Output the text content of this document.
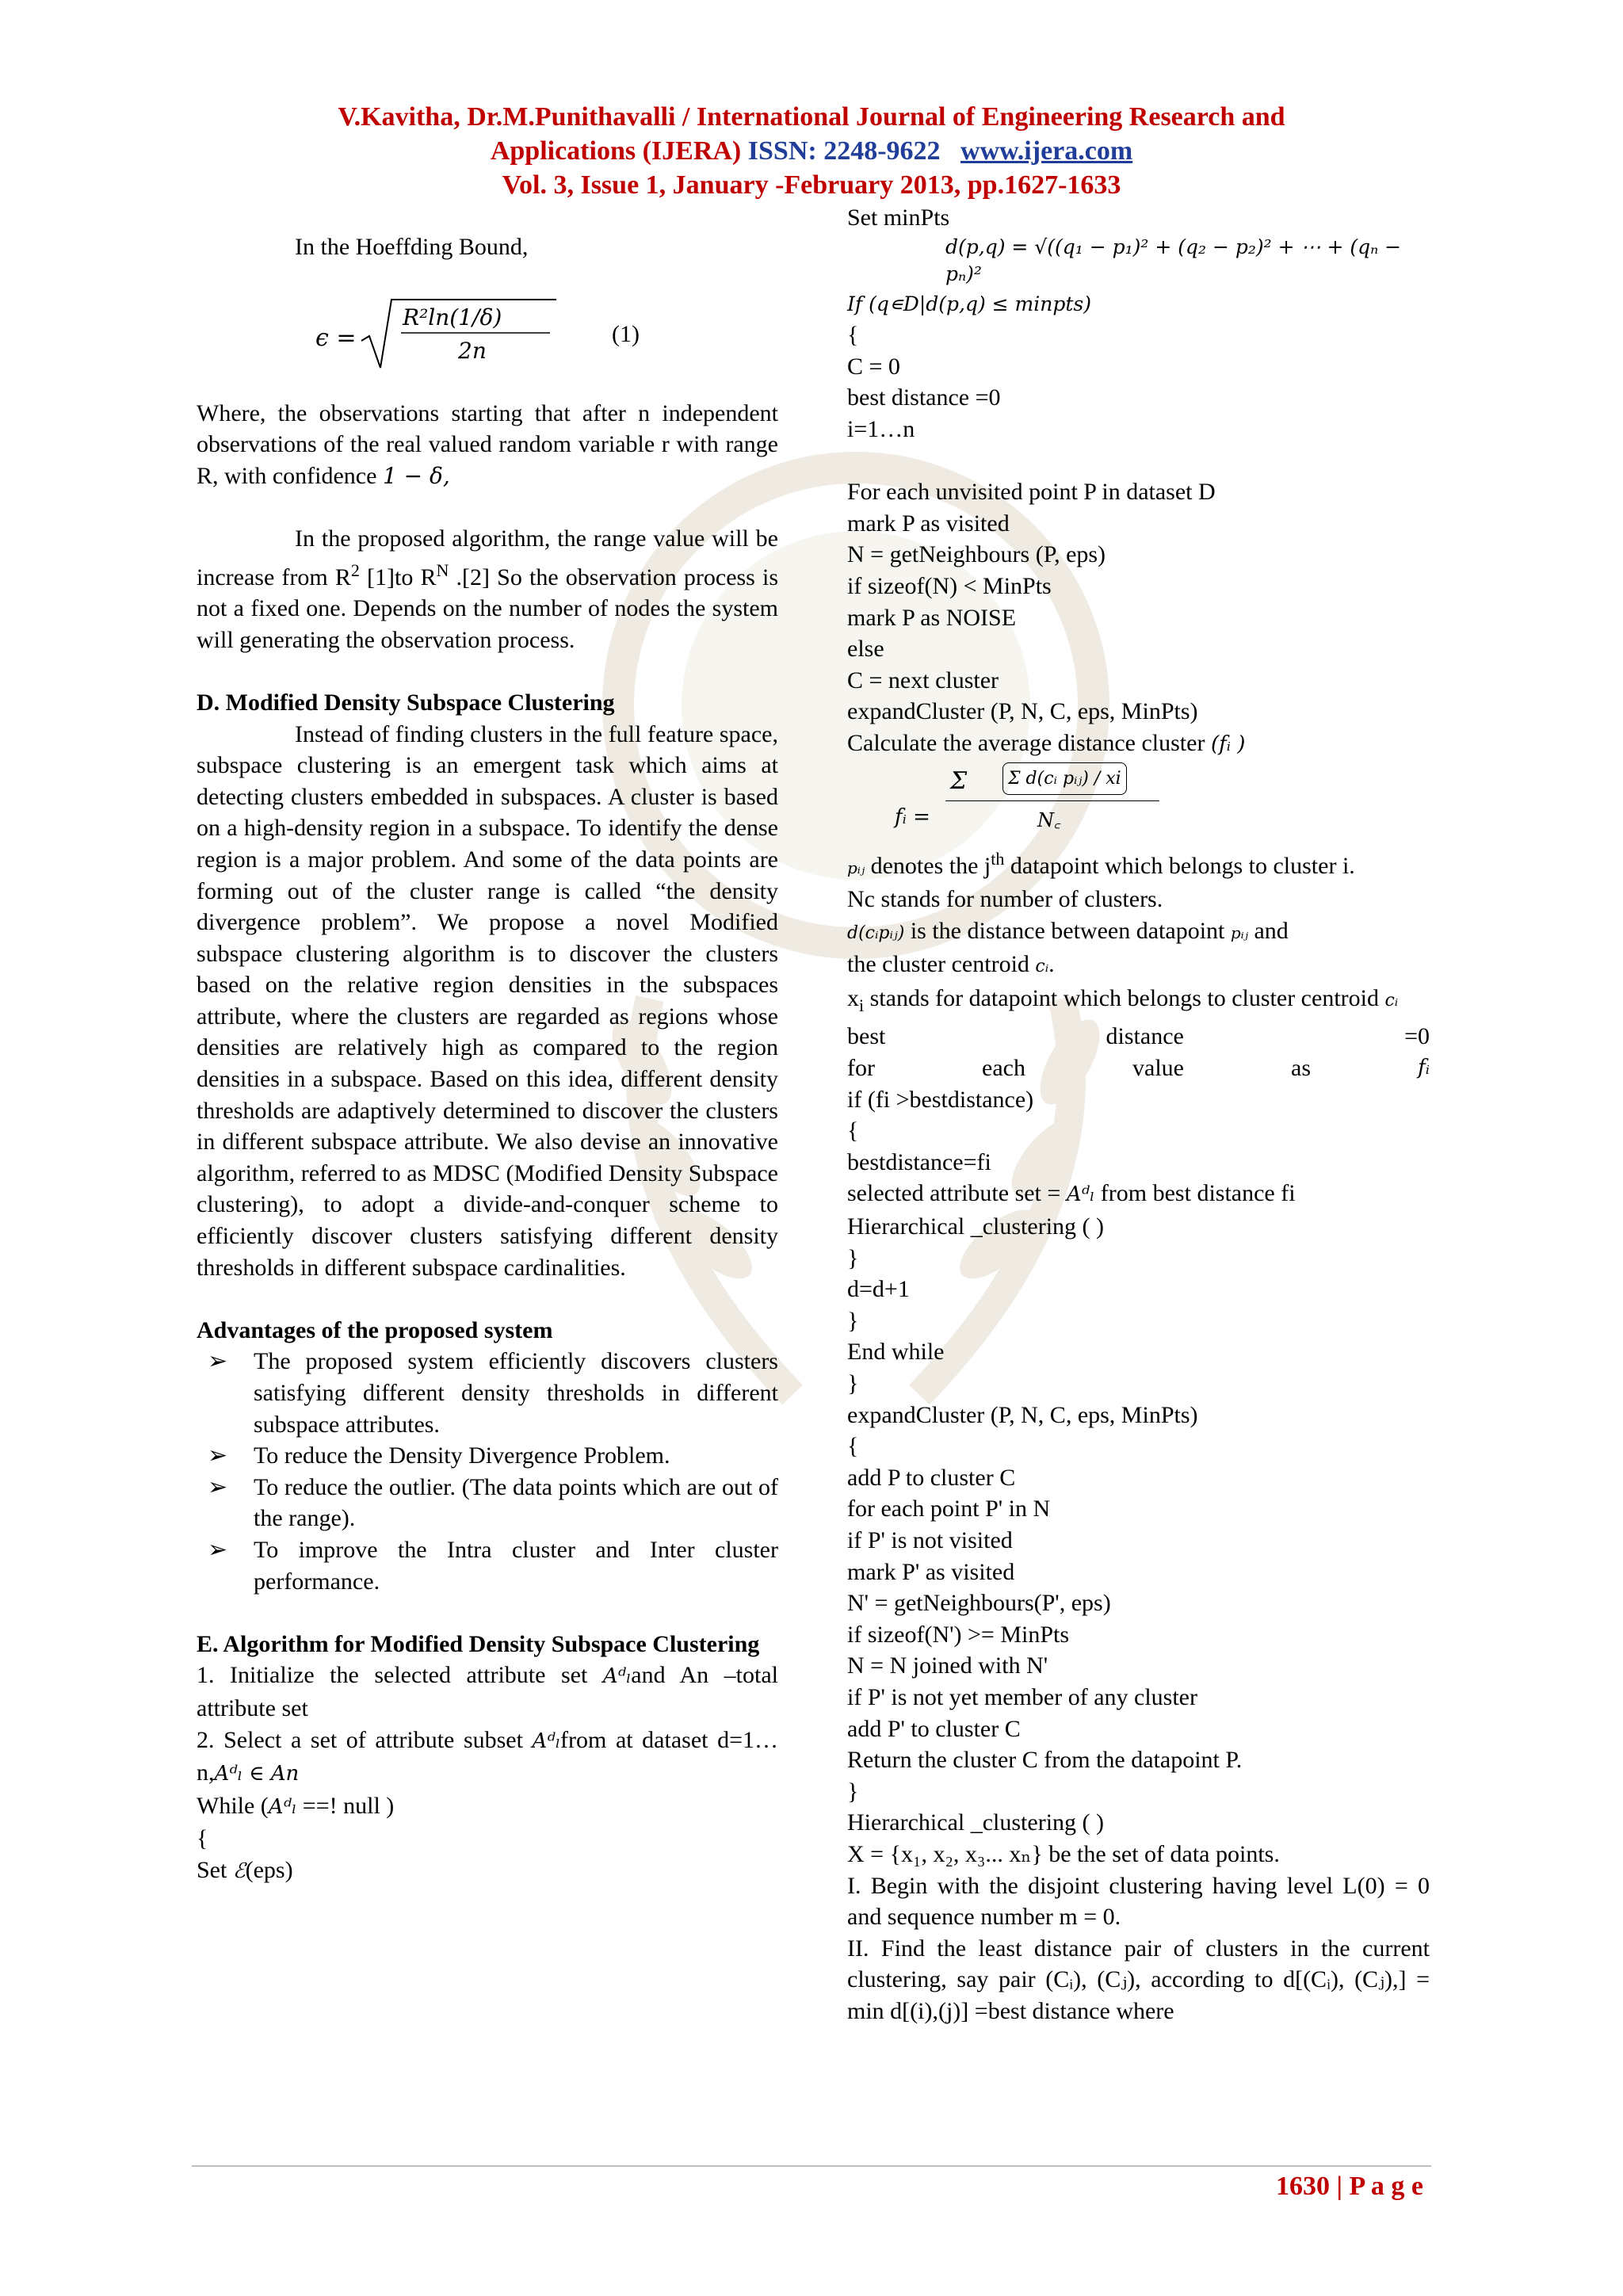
V.Kavitha, Dr.M.Punithavalli / International Journal of Engineering Research and
Applications (IJERA) ISSN: 2248-9622 www.ijera.com
Vol. 3, Issue 1, January -February 2013, pp.1627-1633

In the Hoeffding Bound,

ϵ =
R²ln(1/δ)
2n
(1)

Where, the observations starting that after n independent observations of the real valued random variable r with range R, with confidence 1 − δ,

In the proposed algorithm, the range value will be increase from $R^2$ [1]to $R^N$ .[2] So the observation process is not a fixed one. Depends on the number of nodes the system will generating the observation process.

D. Modified Density Subspace Clustering

Instead of finding clusters in the full feature space, subspace clustering is an emergent task which aims at detecting clusters embedded in subspaces. A cluster is based on a high-density region in a subspace. To identify the dense region is a major problem. And some of the data points are forming out of the cluster range is called “the density divergence problem”. We propose a novel Modified subspace clustering algorithm is to discover the clusters based on the relative region densities in the subspaces attribute, where the clusters are regarded as regions whose densities are relatively high as compared to the region densities in a subspace. Based on this idea, different density thresholds are adaptively determined to discover the clusters in different subspace attribute. We also devise an innovative algorithm, referred to as MDSC (Modified Density Subspace clustering), to adopt a divide-and-conquer scheme to efficiently discover clusters satisfying different density thresholds in different subspace cardinalities.

Advantages of the proposed system

➢	The proposed system efficiently discovers clusters satisfying different density thresholds in different subspace attributes.
➢	To reduce the Density Divergence Problem.
➢	To reduce the outlier. (The data points which are out of the range).
➢	To improve the Intra cluster and Inter cluster performance.

E. Algorithm for Modified Density Subspace Clustering

1. Initialize the selected attribute set Aᵈₗand An –total attribute set

2. Select a set of attribute subset Aᵈₗfrom at dataset d=1…n,Aᵈₗ ∈ An

While (Aᵈₗ ==! null )

{

Set ℰ(eps)

Set minPts

d(p,q) = √((q₁ − p₁)² + (q₂ − p₂)² + ⋯ + (qₙ − pₙ)²

If (q∊D|d(p,q) ≤ minpts)

{

C = 0

best distance =0

i=1…n

For each unvisited point P in dataset D

mark P as visited

N = getNeighbours (P, eps)

if sizeof(N) < MinPts

mark P as NOISE

else

C = next cluster

expandCluster (P, N, C, eps, MinPts)

Calculate the average distance cluster (fᵢ )

fᵢ =
Σ	Σ d(cᵢ pᵢⱼ) / xi
N꜀

pᵢⱼ denotes the $j^{th}$ datapoint which belongs to cluster i.

Nc stands for number of clusters.

d(cᵢpᵢⱼ) is the distance between datapoint pᵢⱼ and

the cluster centroid cᵢ.

$x_i$ stands for datapoint which belongs to cluster centroid cᵢ

best	distance	=0
for	each	value	as	fᵢ

if (fi >bestdistance)

{

bestdistance=fi

selected attribute set = Aᵈₗ from best distance fi

Hierarchical _clustering ( )

}

d=d+1

}

End while

}

expandCluster (P, N, C, eps, MinPts)

{

add P to cluster C

for each point P' in N

if P' is not visited

mark P' as visited

N' = getNeighbours(P', eps)

if sizeof(N') >= MinPts

N = N joined with N'

if P' is not yet member of any cluster

add P' to cluster C

Return the cluster C from the datapoint P.

}

Hierarchical _clustering ( )

X = {x₁, x₂, x₃... xₙ} be the set of data points.

I. Begin with the disjoint clustering having level L(0) = 0 and sequence number m = 0.

II. Find the least distance pair of clusters in the current clustering, say pair (Cᵢ), (Cⱼ), according to d[(Cᵢ), (Cⱼ),] = min d[(i),(j)] =best distance where

1630 | P a g e
